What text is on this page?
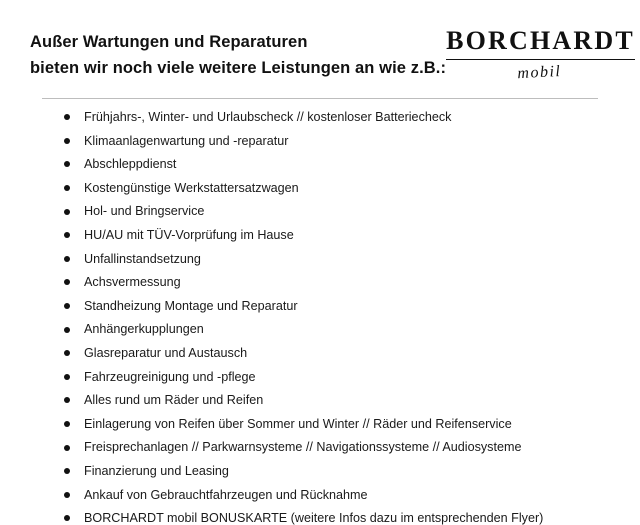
Außer Wartungen und Reparaturen
bieten wir noch viele weitere Leistungen an wie z.B.:
BORCHARDT
mobil
Frühjahrs-, Winter- und Urlaubscheck // kostenloser Batteriecheck
Klimaanlagenwartung und -reparatur
Abschleppdienst
Kostengünstige Werkstattersatzwagen
Hol- und Bringservice
HU/AU mit TÜV-Vorprüfung im Hause
Unfallinstandsetzung
Achsvermessung
Standheizung Montage und Reparatur
Anhängerkupplungen
Glasreparatur und Austausch
Fahrzeugreinigung und -pflege
Alles rund um Räder und Reifen
Einlagerung von Reifen über Sommer und Winter // Räder und Reifenservice
Freisprechanlagen // Parkwarnsysteme // Navigationssysteme // Audiosysteme
Finanzierung und Leasing
Ankauf von Gebrauchtfahrzeugen und Rücknahme
BORCHARDT mobil BONUSKARTE (weitere Infos dazu im entsprechenden Flyer)
